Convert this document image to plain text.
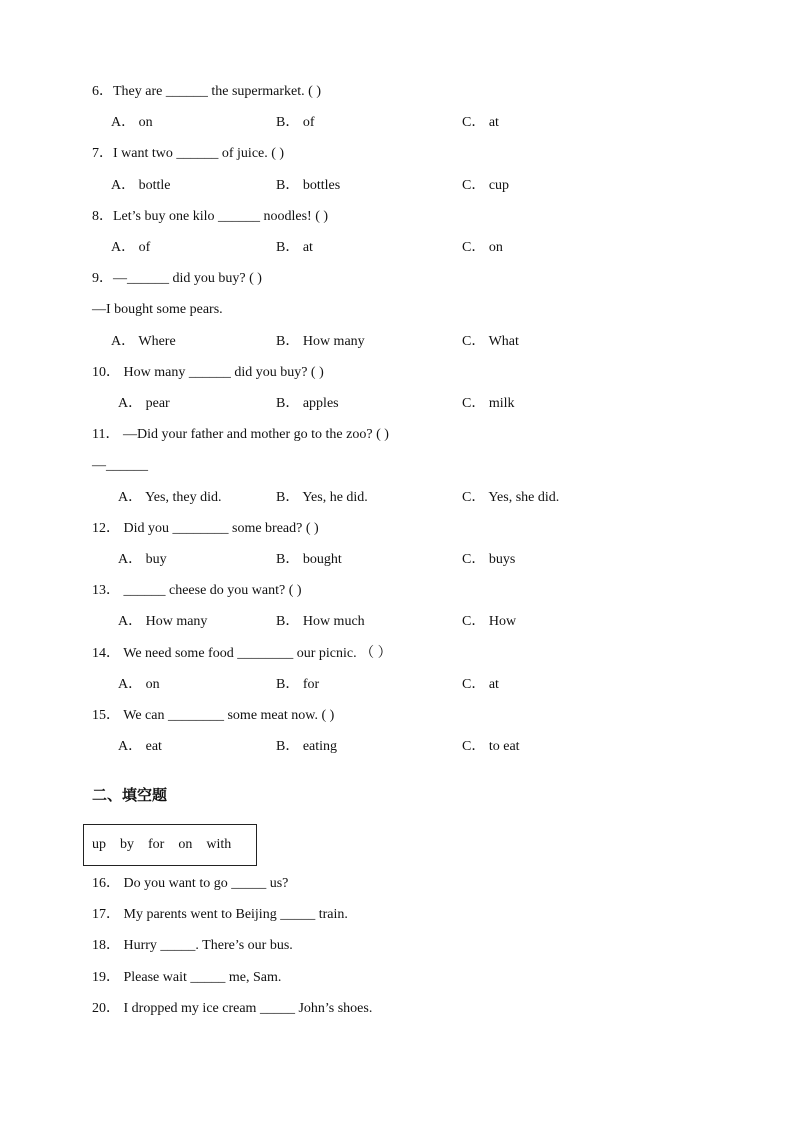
6．They are ______ the supermarket. ( )
A． on	B． of	C． at
7．I want two ______ of juice. ( )
A． bottle	B． bottles	C． cup
8．Let’s buy one kilo ______ noodles! ( )
A． of	B． at	C． on
9．—______ did you buy? ( )
—I bought some pears.
A． Where	B． How many	C． What
10． How many ______ did you buy? ( )
A． pear	B． apples	C． milk
11． —Did your father and mother go to the zoo? ( )
—______
A． Yes, they did.	B． Yes, he did.	C． Yes, she did.
12． Did you ________ some bread? ( )
A． buy	B． bought	C． buys
13． ______ cheese do you want? ( )
A． How many	B． How much	C． How
14． We need some food ________ our picnic. （ ）
A． on	B． for	C． at
15． We can ________ some meat now. ( )
A． eat	B． eating	C． to eat
二、填空题
up by for on with
16． Do you want to go _____ us?
17． My parents went to Beijing _____ train.
18． Hurry _____. There’s our bus.
19． Please wait _____ me, Sam.
20． I dropped my ice cream _____ John’s shoes.
